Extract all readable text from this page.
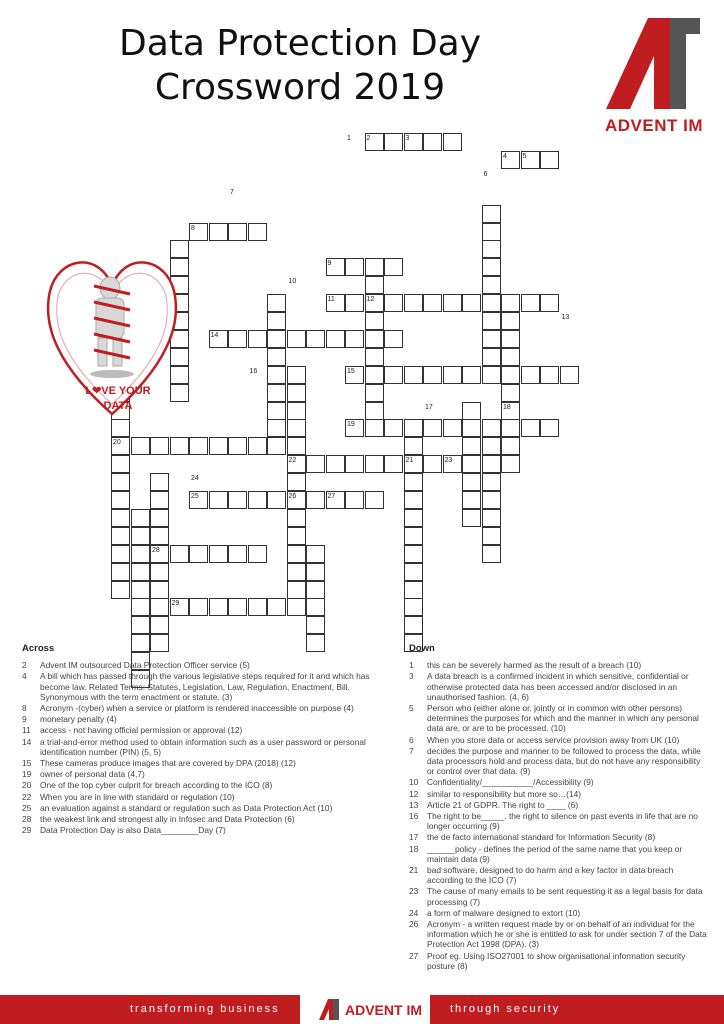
Data Protection Day
Crossword 2019
ADVENT IM
1 2	3
4 5
6
7
8
9
10
11	12
13
14
15
16
17	18
19
20
21
22	23
24
25	26	27
28
29
L❤VE YOUR
DATA
Across
2	Advent IM outsourced Data Protection Officer service (5)
4	A bill which has passed through the various legislative steps required for it and which has become law. Related Terms: Statutes, Legislation, Law, Regulation, Enactment, Bill. Synonymous with the term enactment or statute. (3)
8	Acronym -(cyber) when a service or platform is rendered inaccessible on purpose (4)
9	monetary penalty (4)
11	access - not having official permission or approval (12)
14	a trial-and-error method used to obtain information such as a user password or personal identification number (PIN) (5, 5)
15	These cameras produce images that are covered by DPA (2018) (12)
19	owner of personal data (4,7)
20	One of the top cyber culprit for breach according to the ICO (8)
22	When you are in line with standard or regulation (10)
25	an evaluation against a standard or regulation such as Data Protection Act (10)
28	the weakest link and strongest ally in Infosec and Data Protection (6)
29	Data Protection Day is also Data________Day (7)
Down
1	this can be severely harmed as the result of a breach (10)
3	A data breach is a confirmed incident in which sensitive, confidential or otherwise protected data has been accessed and/or disclosed in an unauthorised fashion. (4, 6)
5	Person who (either alone or. jointly or in common with other persons) determines the purposes for which and the manner in which any personal data are, or are to be processed. (10)
6	When you store data or access service provision away from UK (10)
7	decides the purpose and manner to be followed to process the data, while data processors hold and process data, but do not have any responsibility or control over that data. (9)
10	Confidentiality/___________/Accessibility (9)
12	similar to responsibility but more so…(14)
13	Article 21 of GDPR. The right to ____ (6)
16	The right to be_____. the right to silence on past events in life that are no longer occurring (9)
17	the de facto international standard for Information Security (8)
18	______policy - defines the period of the same name that you keep or maintain data (9)
21	bad software, designed to do harm and a key factor in data breach according to the ICO (7)
23	The cause of many emails to be sent requesting it as a legal basis for data processing (7)
24	a form of malware designed to extort (10)
26	Acronym - a written request made by or on behalf of an individual for the information which he or she is entitled to ask for under section 7 of the Data Protection Act 1998 (DPA). (3)
27	Proof eg. Using ISO27001 to show organisational information security posture (8)
transforming business	ADVENT IM	through security
